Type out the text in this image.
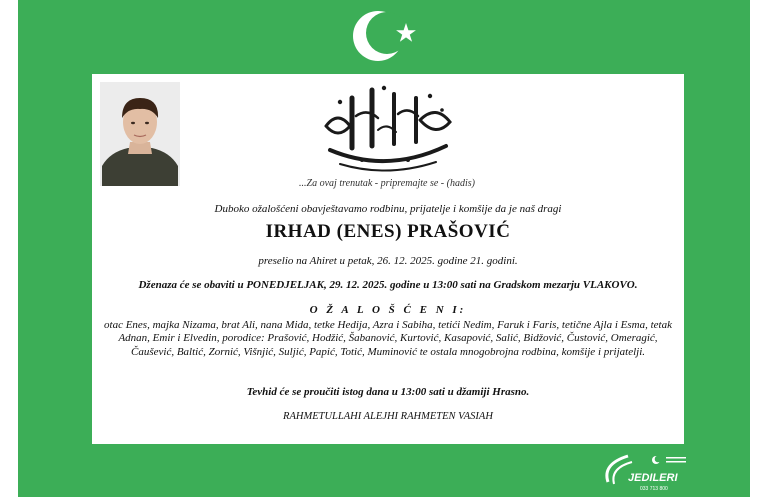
...Za ovaj trenutak - pripremajte se - (hadis)
Duboko ožalošćeni obavještavamo rodbinu, prijatelje i komšije da je naš dragi
IRHAD (ENES) PRAŠOVIĆ
preselio na Ahiret u petak, 26. 12. 2025. godine 21. godini.
Dženaza će se obaviti u PONEDJELJAK, 29. 12. 2025. godine u 13:00 sati na Gradskom mezarju VLAKOVO.
O Ž A L O Š Ć E N I:
otac Enes, majka Nizama, brat Ali, nana Mida, tetke Hedija, Azra i Sabiha, tetići Nedim, Faruk i Faris, tetične Ajla i Esma, tetak Adnan, Emir i Elvedin, porodice: Prašović, Hodžić, Šabanović, Kurtović, Kasapović, Salić, Bidžović, Čustović, Omeragić, Čaušević, Baltić, Zornić, Višnjić, Suljić, Papić, Totić, Muminović te ostala mnogobrojna rodbina, komšije i prijatelji.
Tevhid će se proučiti istog dana u 13:00 sati u džamiji Hrasno.
RAHMETULLAHI ALEJHI RAHMETEN VASIAH
JEDILERI
033 713 800
